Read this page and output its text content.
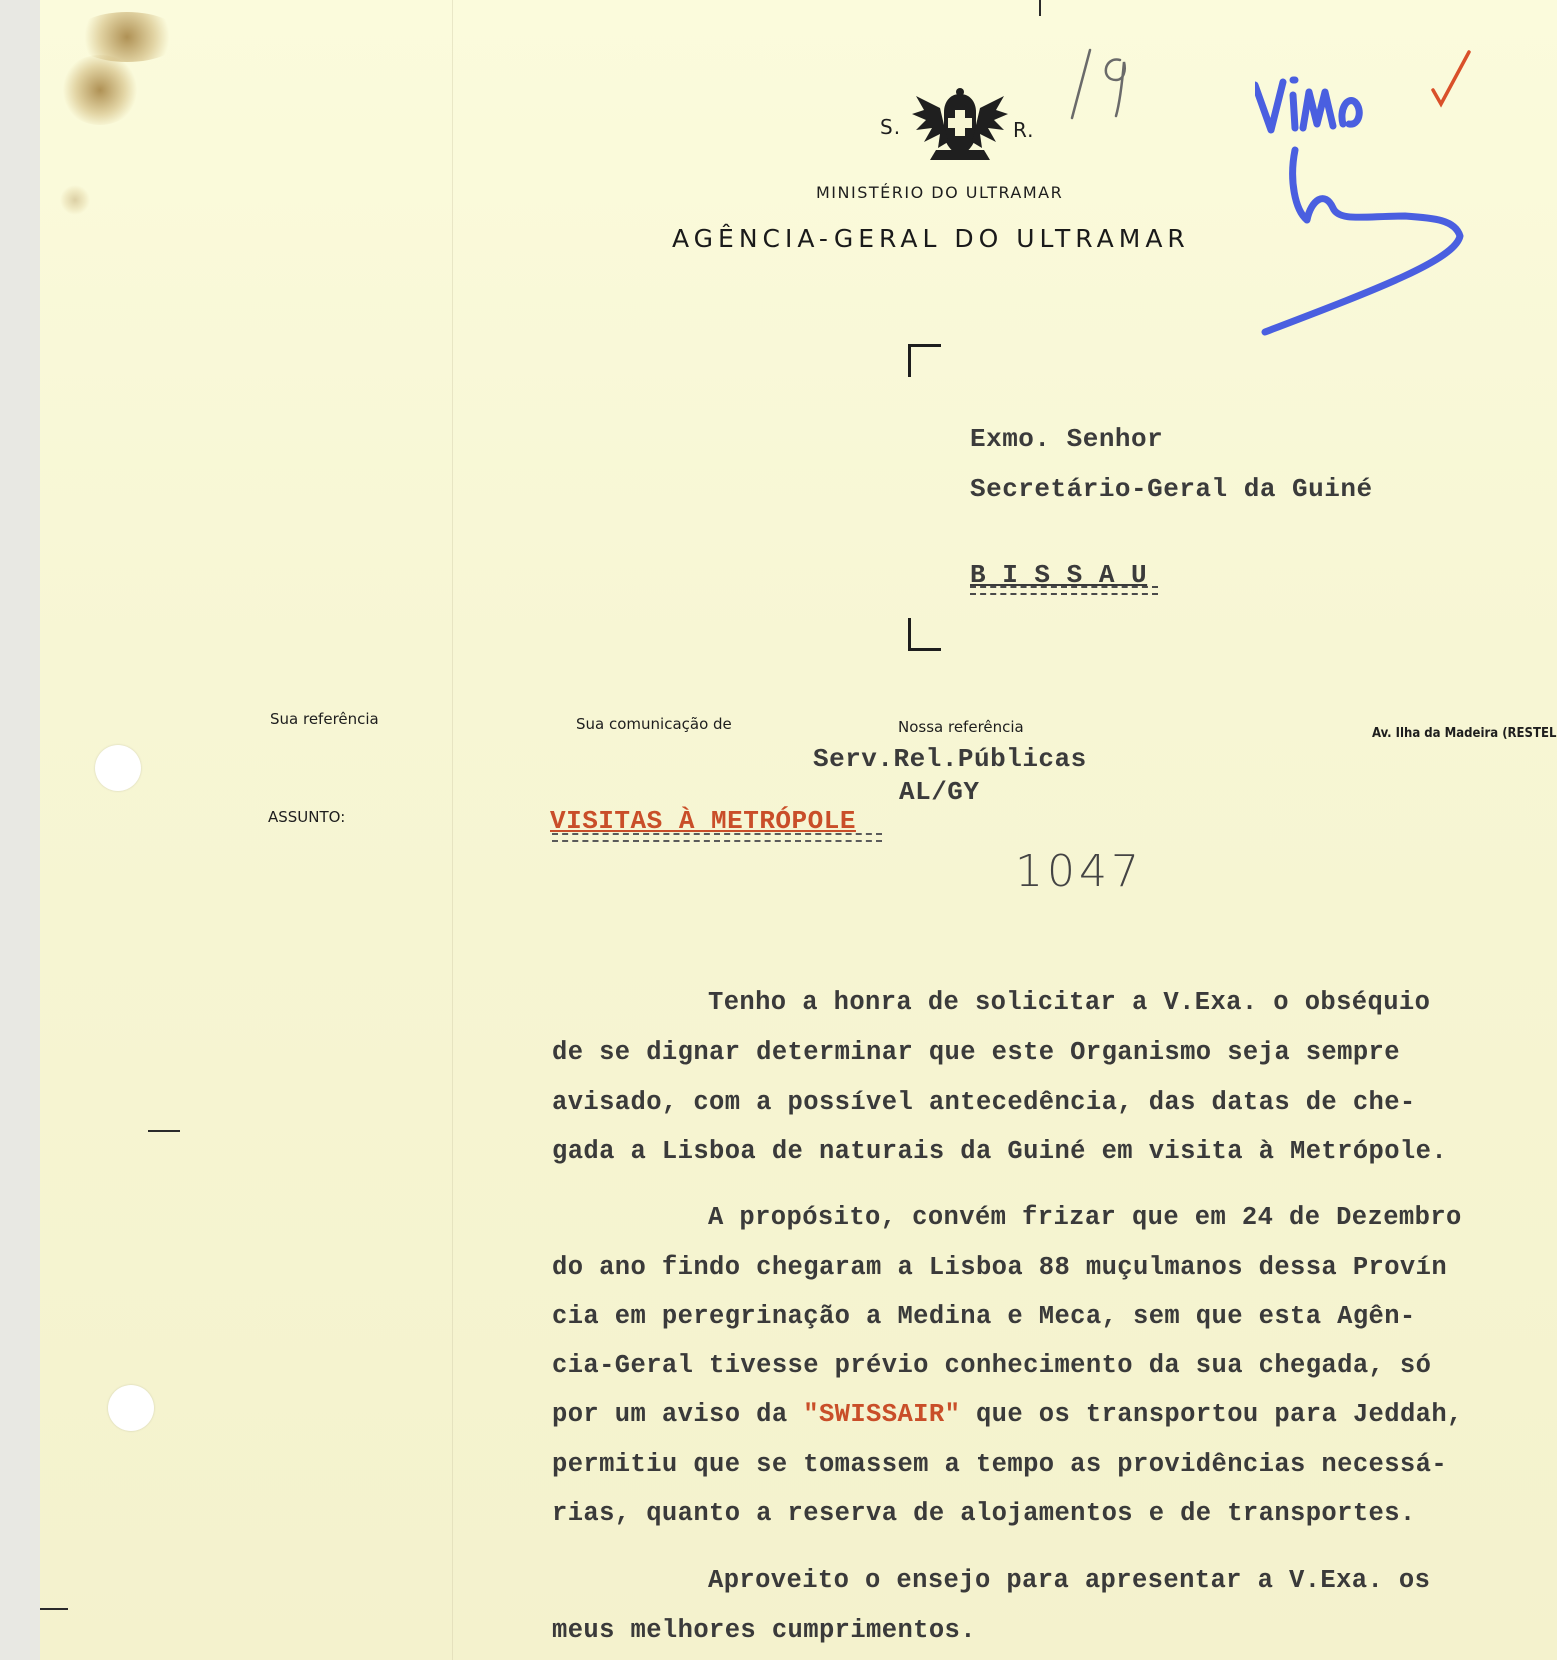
S.	R.
MINISTÉRIO DO ULTRAMAR
AGÊNCIA-GERAL DO ULTRAMAR
19	Visto
Exmo. Senhor
Secretário-Geral da Guiné
B I S S A U
Sua referência	Sua comunicação de	Nossa referência	Av. Ilha da Madeira (RESTEL
Serv.Rel.Públicas
AL/GY
ASSUNTO:	VISITAS À METRÓPOLE
1047
Tenho a honra de solicitar a V.Exa. o obséquio
de se dignar determinar que este Organismo seja sempre
avisado, com a possível antecedência, das datas de che-
gada a Lisboa de naturais da Guiné em visita à Metrópole.
A propósito, convém frizar que em 24 de Dezembro
do ano findo chegaram a Lisboa 88 muçulmanos dessa Provín
cia em peregrinação a Medina e Meca, sem que esta Agên-
cia-Geral tivesse prévio conhecimento da sua chegada, só
por um aviso da "SWISSAIR" que os transportou para Jeddah,
permitiu que se tomassem a tempo as providências necessá-
rias, quanto a reserva de alojamentos e de transportes.
Aproveito o ensejo para apresentar a V.Exa. os
meus melhores cumprimentos.
